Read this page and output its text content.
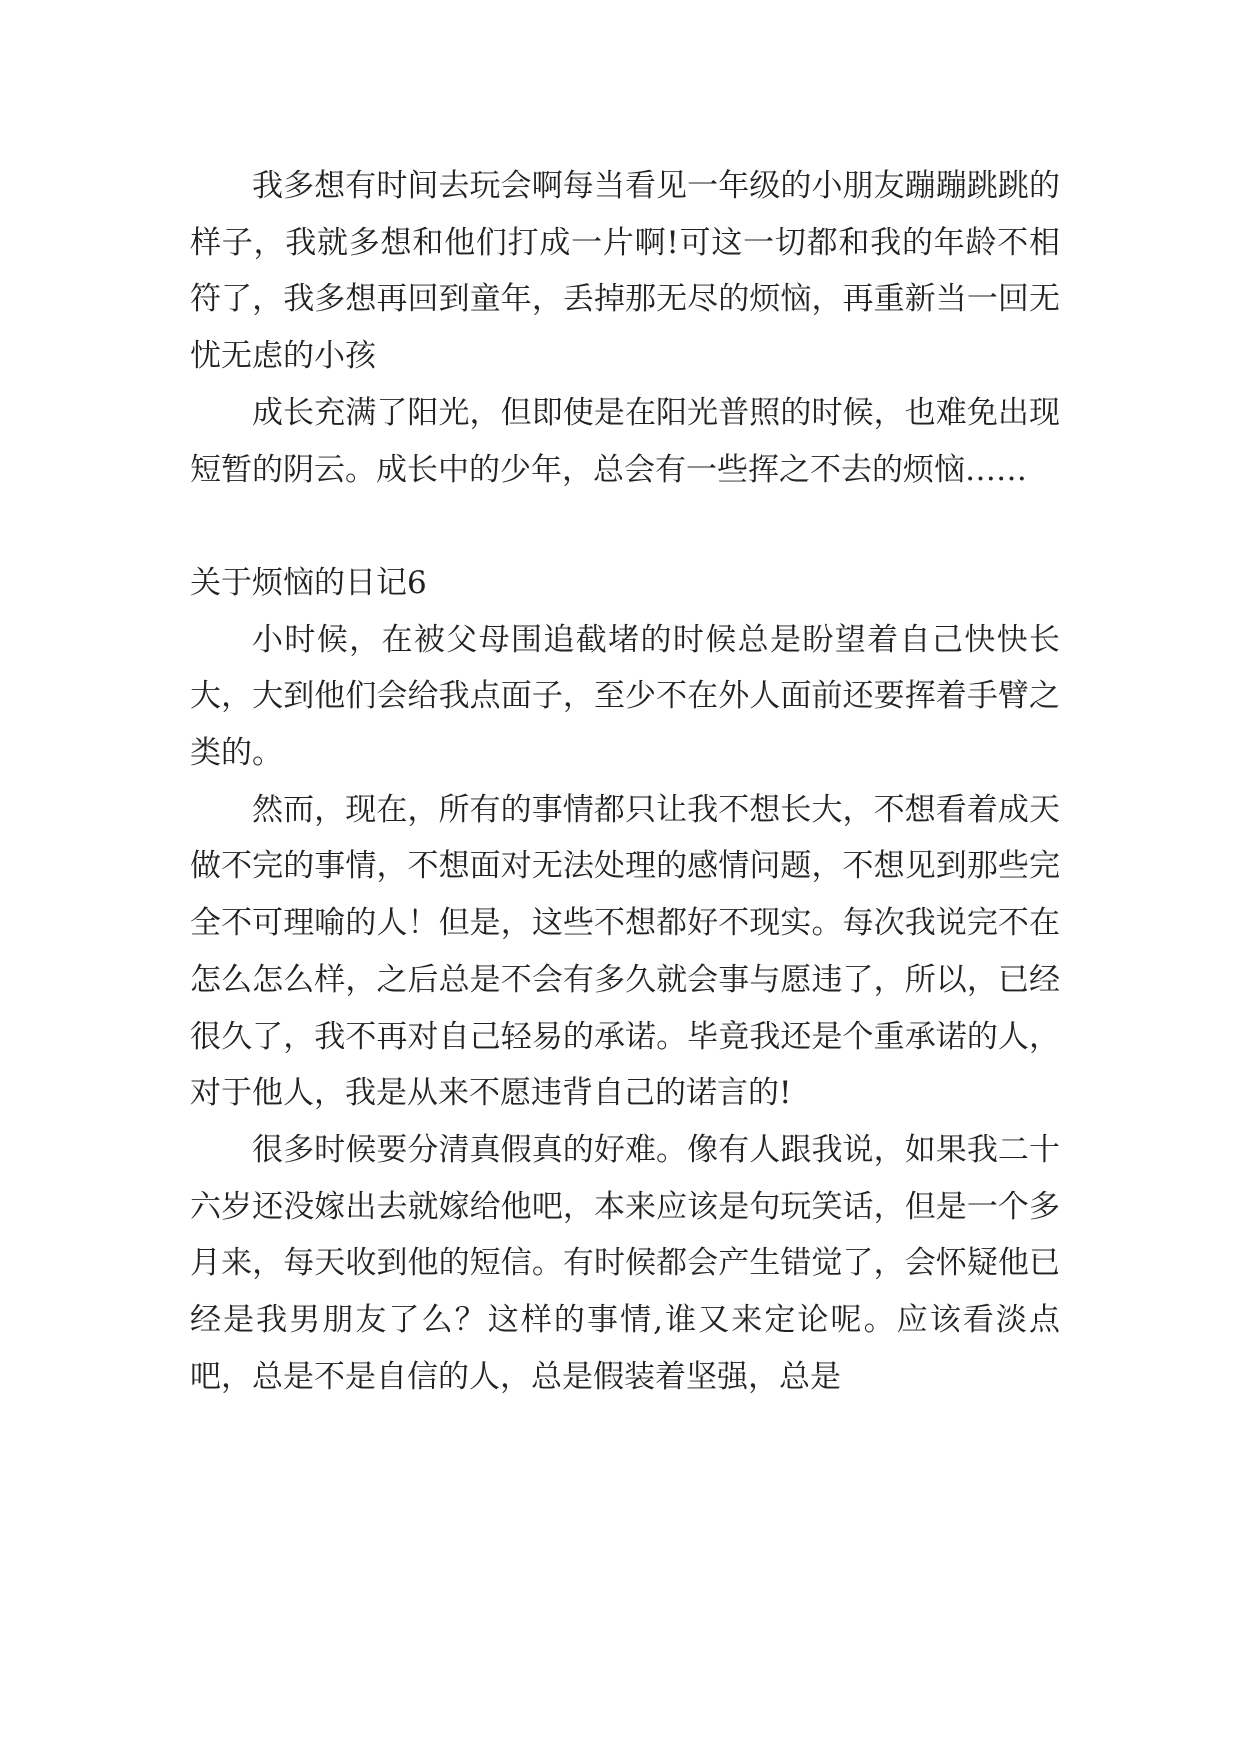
我多想有时间去玩会啊每当看见一年级的小朋友蹦蹦跳跳的样子，我就多想和他们打成一片啊!可这一切都和我的年龄不相符了，我多想再回到童年，丢掉那无尽的烦恼，再重新当一回无忧无虑的小孩

成长充满了阳光，但即使是在阳光普照的时候，也难免出现短暂的阴云。成长中的少年，总会有一些挥之不去的烦恼……

关于烦恼的日记6

小时候，在被父母围追截堵的时候总是盼望着自己快快长大，大到他们会给我点面子，至少不在外人面前还要挥着手臂之类的。

然而，现在，所有的事情都只让我不想长大，不想看着成天做不完的事情，不想面对无法处理的感情问题，不想见到那些完全不可理喻的人！但是，这些不想都好不现实。每次我说完不在怎么怎么样，之后总是不会有多久就会事与愿违了，所以，已经很久了，我不再对自己轻易的承诺。毕竟我还是个重承诺的人，对于他人，我是从来不愿违背自己的诺言的!

很多时候要分清真假真的好难。像有人跟我说，如果我二十六岁还没嫁出去就嫁给他吧，本来应该是句玩笑话，但是一个多月来，每天收到他的短信。有时候都会产生错觉了，会怀疑他已经是我男朋友了么？这样的事情,谁又来定论呢。应该看淡点吧，总是不是自信的人，总是假装着坚强，总是
